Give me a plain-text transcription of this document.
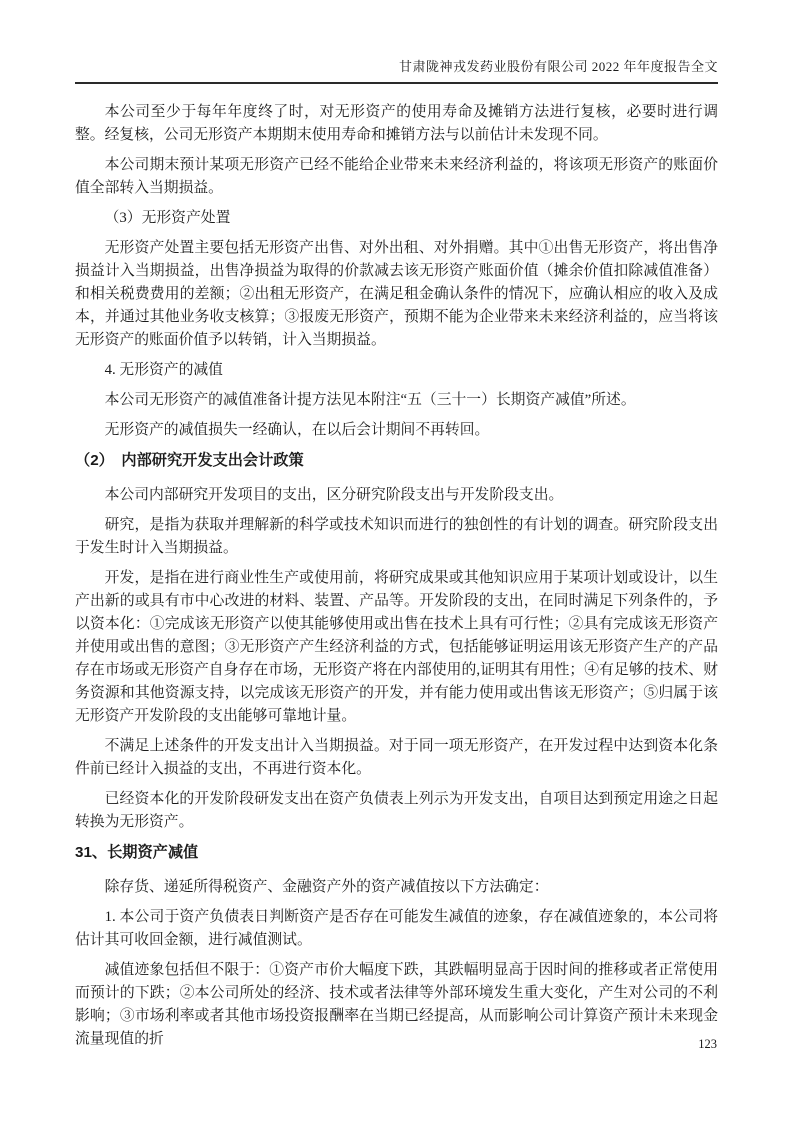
甘肃陇神戎发药业股份有限公司 2022 年年度报告全文

本公司至少于每年年度终了时，对无形资产的使用寿命及摊销方法进行复核，必要时进行调整。经复核，公司无形资产本期期末使用寿命和摊销方法与以前估计未发现不同。

本公司期末预计某项无形资产已经不能给企业带来未来经济利益的，将该项无形资产的账面价值全部转入当期损益。

（3）无形资产处置

无形资产处置主要包括无形资产出售、对外出租、对外捐赠。其中①出售无形资产，将出售净损益计入当期损益，出售净损益为取得的价款减去该无形资产账面价值（摊余价值扣除减值准备）和相关税费费用的差额；②出租无形资产，在满足租金确认条件的情况下，应确认相应的收入及成本，并通过其他业务收支核算；③报废无形资产，预期不能为企业带来未来经济利益的，应当将该无形资产的账面价值予以转销，计入当期损益。

4. 无形资产的减值

本公司无形资产的减值准备计提方法见本附注“五（三十一）长期资产减值”所述。

无形资产的减值损失一经确认，在以后会计期间不再转回。

（2）　内部研究开发支出会计政策

本公司内部研究开发项目的支出，区分研究阶段支出与开发阶段支出。

研究，是指为获取并理解新的科学或技术知识而进行的独创性的有计划的调查。研究阶段支出于发生时计入当期损益。

开发，是指在进行商业性生产或使用前，将研究成果或其他知识应用于某项计划或设计，以生产出新的或具有市中心改进的材料、装置、产品等。开发阶段的支出，在同时满足下列条件的，予以资本化：①完成该无形资产以使其能够使用或出售在技术上具有可行性；②具有完成该无形资产并使用或出售的意图；③无形资产产生经济利益的方式，包括能够证明运用该无形资产生产的产品存在市场或无形资产自身存在市场，无形资产将在内部使用的,证明其有用性；④有足够的技术、财务资源和其他资源支持，以完成该无形资产的开发，并有能力使用或出售该无形资产；⑤归属于该无形资产开发阶段的支出能够可靠地计量。

不满足上述条件的开发支出计入当期损益。对于同一项无形资产，在开发过程中达到资本化条件前已经计入损益的支出，不再进行资本化。

已经资本化的开发阶段研发支出在资产负债表上列示为开发支出，自项目达到预定用途之日起转换为无形资产。

31、长期资产减值

除存货、递延所得税资产、金融资产外的资产减值按以下方法确定：

1. 本公司于资产负债表日判断资产是否存在可能发生减值的迹象，存在减值迹象的，本公司将估计其可收回金额，进行减值测试。

减值迹象包括但不限于：①资产市价大幅度下跌，其跌幅明显高于因时间的推移或者正常使用而预计的下跌；②本公司所处的经济、技术或者法律等外部环境发生重大变化，产生对公司的不利影响；③市场利率或者其他市场投资报酬率在当期已经提高，从而影响公司计算资产预计未来现金流量现值的折	123
